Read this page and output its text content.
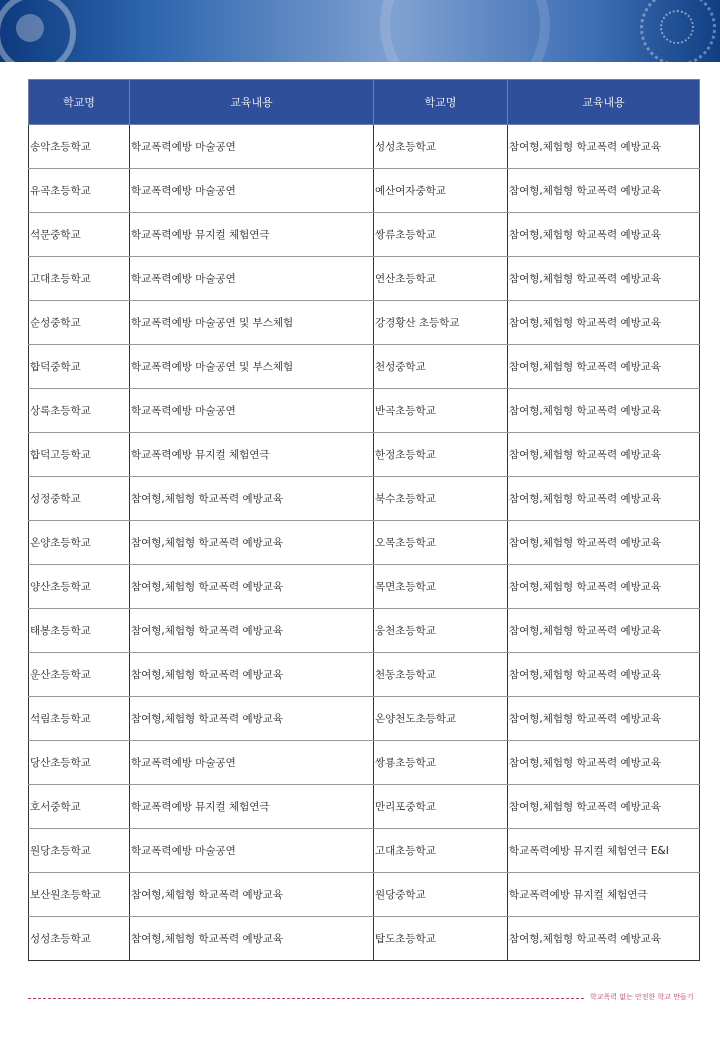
학교명	교육내용	학교명	교육내용
송악초등학교	학교폭력예방 마술공연	성성초등학교	참여형,체험형 학교폭력 예방교육
유곡초등학교	학교폭력예방 마술공연	예산여자중학교	참여형,체험형 학교폭력 예방교육
석문중학교	학교폭력예방 뮤지컬 체험연극	쌍류초등학교	참여형,체험형 학교폭력 예방교육
고대초등학교	학교폭력예방 마술공연	연산초등학교	참여형,체험형 학교폭력 예방교육
순성중학교	학교폭력예방 마술공연 및 부스체험	강경황산 초등학교	참여형,체험형 학교폭력 예방교육
합덕중학교	학교폭력예방 마술공연 및 부스체험	천성중학교	참여형,체험형 학교폭력 예방교육
상록초등학교	학교폭력예방 마술공연	반곡초등학교	참여형,체험형 학교폭력 예방교육
합덕고등학교	학교폭력예방 뮤지컬 체험연극	한정초등학교	참여형,체험형 학교폭력 예방교육
성정중학교	참여형,체험형 학교폭력 예방교육	북수초등학교	참여형,체험형 학교폭력 예방교육
온양초등학교	참여형,체험형 학교폭력 예방교육	오목초등학교	참여형,체험형 학교폭력 예방교육
양산초등학교	참여형,체험형 학교폭력 예방교육	목면초등학교	참여형,체험형 학교폭력 예방교육
태봉초등학교	참여형,체험형 학교폭력 예방교육	웅천초등학교	참여형,체험형 학교폭력 예방교육
운산초등학교	참여형,체험형 학교폭력 예방교육	천동초등학교	참여형,체험형 학교폭력 예방교육
석림초등학교	참여형,체험형 학교폭력 예방교육	온양천도초등학교	참여형,체험형 학교폭력 예방교육
당산초등학교	학교폭력예방 마술공연	쌍룡초등학교	참여형,체험형 학교폭력 예방교육
호서중학교	학교폭력예방 뮤지컬 체험연극	만리포중학교	참여형,체험형 학교폭력 예방교육
원당초등학교	학교폭력예방 마술공연	고대초등학교	학교폭력예방 뮤지컬 체험연극 E&I
보산원초등학교	참여형,체험형 학교폭력 예방교육	원당중학교	학교폭력예방 뮤지컬 체험연극
성성초등학교	참여형,체험형 학교폭력 예방교육	탑도초등학교	참여형,체험형 학교폭력 예방교육
학교폭력 없는 안전한 학교 만들기
